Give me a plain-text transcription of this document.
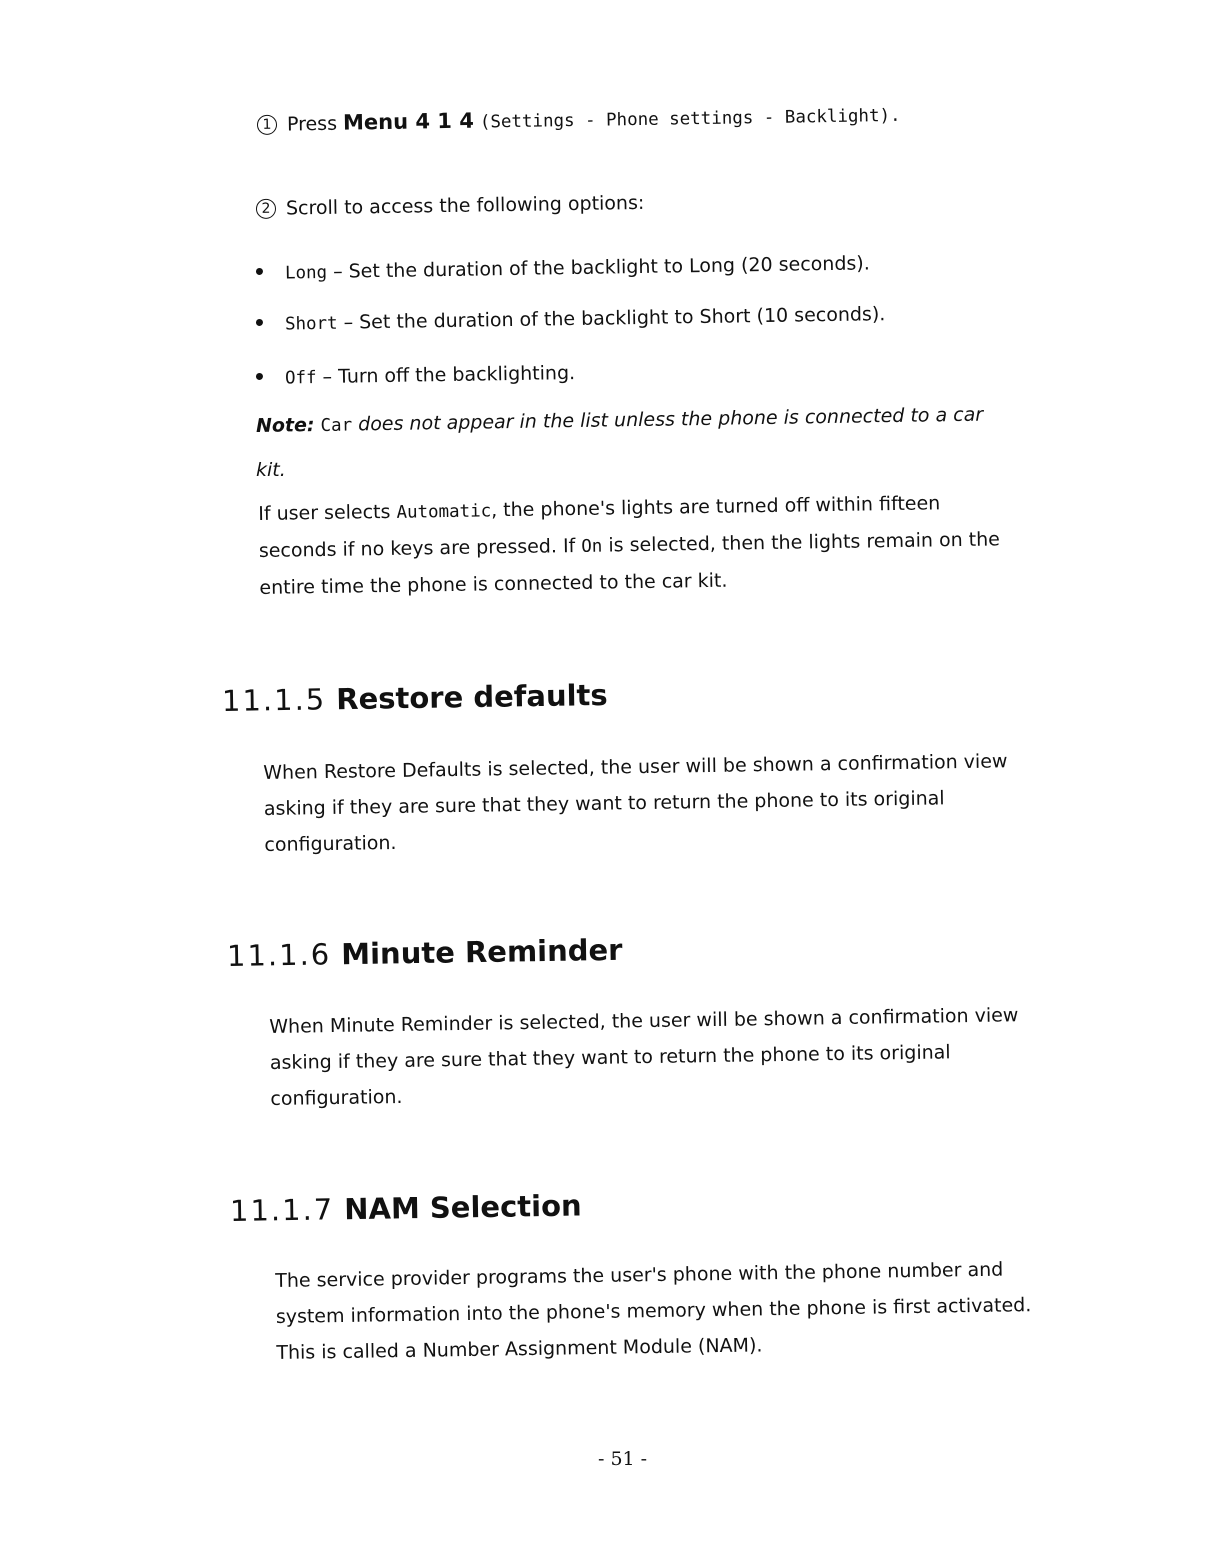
1 Press Menu 4 1 4 (Settings - Phone settings - Backlight).
2 Scroll to access the following options:
Long – Set the duration of the backlight to Long (20 seconds).
Short – Set the duration of the backlight to Short (10 seconds).
Off – Turn off the backlighting.
Note: Car does not appear in the list unless the phone is connected to a car
kit.
If user selects Automatic, the phone's lights are turned off within fifteen
seconds if no keys are pressed. If On is selected, then the lights remain on the
entire time the phone is connected to the car kit.
11.1.5 Restore defaults
When Restore Defaults is selected, the user will be shown a confirmation view
asking if they are sure that they want to return the phone to its original
configuration.
11.1.6 Minute Reminder
When Minute Reminder is selected, the user will be shown a confirmation view
asking if they are sure that they want to return the phone to its original
configuration.
11.1.7 NAM Selection
The service provider programs the user's phone with the phone number and
system information into the phone's memory when the phone is first activated.
This is called a Number Assignment Module (NAM).
- 51 -
